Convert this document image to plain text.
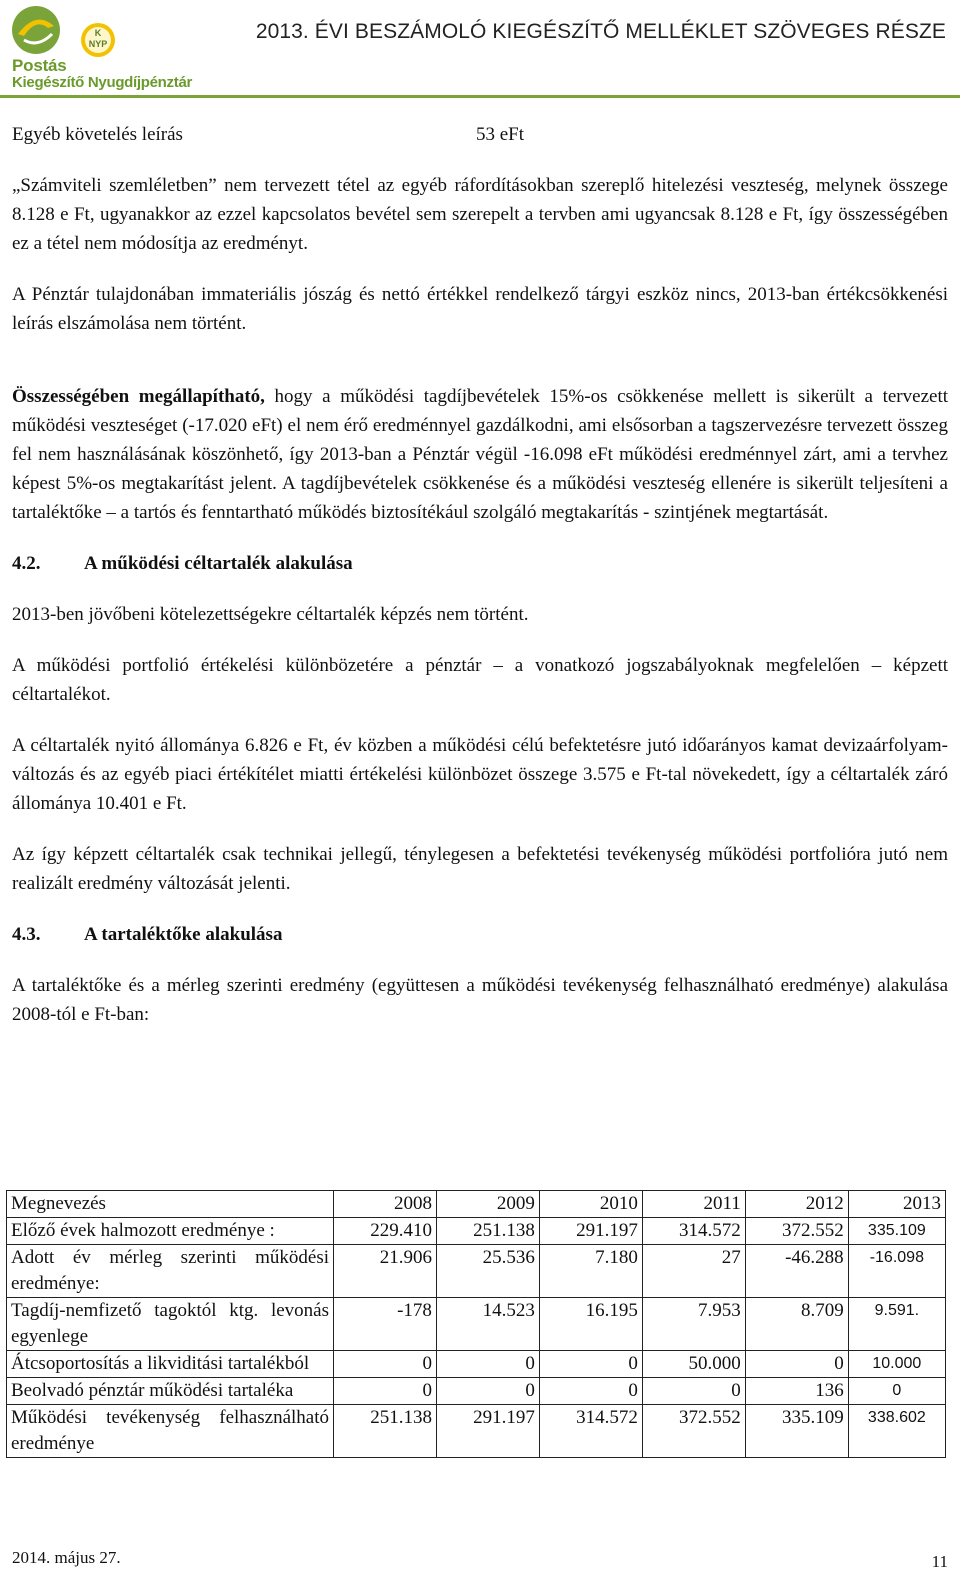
K
NYP
Postás
Kiegészítő Nyugdíjpénztár
2013. ÉVI BESZÁMOLÓ KIEGÉSZÍTŐ MELLÉKLET SZÖVEGES RÉSZE
Egyéb követelés leírás	53 eFt

„Számviteli szemléletben” nem tervezett tétel az egyéb ráfordításokban szereplő hitelezési veszteség, melynek összege 8.128 e Ft, ugyanakkor az ezzel kapcsolatos bevétel sem szerepelt a tervben ami ugyancsak 8.128 e Ft, így összességében ez a tétel nem módosítja az eredményt.

A Pénztár tulajdonában immateriális jószág és nettó értékkel rendelkező tárgyi eszköz nincs, 2013-ban értékcsökkenési leírás elszámolása nem történt.

Összességében megállapítható, hogy a működési tagdíjbevételek 15%-os csökkenése mellett is sikerült a tervezett működési veszteséget (-17.020 eFt) el nem érő eredménnyel gazdálkodni, ami elsősorban a tagszervezésre tervezett összeg fel nem használásának köszönhető, így 2013-ban a Pénztár végül -16.098 eFt működési eredménnyel zárt, ami a tervhez képest 5%-os megtakarítást jelent. A tagdíjbevételek csökkenése és a működési veszteség ellenére is sikerült teljesíteni a tartaléktőke – a tartós és fenntartható működés biztosítékául szolgáló megtakarítás - szintjének megtartását.

4.2. A működési céltartalék alakulása

2013-ben jövőbeni kötelezettségekre céltartalék képzés nem történt.

A működési portfolió értékelési különbözetére a pénztár – a vonatkozó jogszabályoknak megfelelően – képzett céltartalékot.

A céltartalék nyitó állománya 6.826 e Ft, év közben a működési célú befektetésre jutó időarányos kamat devizaárfolyam-változás és az egyéb piaci értékítélet miatti értékelési különbözet összege 3.575 e Ft-tal növekedett, így a céltartalék záró állománya 10.401 e Ft.

Az így képzett céltartalék csak technikai jellegű, ténylegesen a befektetési tevékenység működési portfolióra jutó nem realizált eredmény változását jelenti.

4.3. A tartaléktőke alakulása

A tartaléktőke és a mérleg szerinti eredmény (együttesen a működési tevékenység felhasználható eredménye) alakulása 2008-tól e Ft-ban:

Megnevezés	2008	2009	2010	2011	2012	2013
Előző évek halmozott eredménye :	229.410	251.138	291.197	314.572	372.552	335.109
Adott év mérleg szerinti működési eredménye:	21.906	25.536	7.180	27	-46.288	-16.098
Tagdíj-nemfizető tagoktól ktg. levonás egyenlege	-178	14.523	16.195	7.953	8.709	9.591.
Átcsoportosítás a likviditási tartalékból	0	0	0	50.000	0	10.000
Beolvadó pénztár működési tartaléka	0	0	0	0	136	0
Működési tevékenység felhasználható eredménye	251.138	291.197	314.572	372.552	335.109	338.602
2014. május 27.	11
